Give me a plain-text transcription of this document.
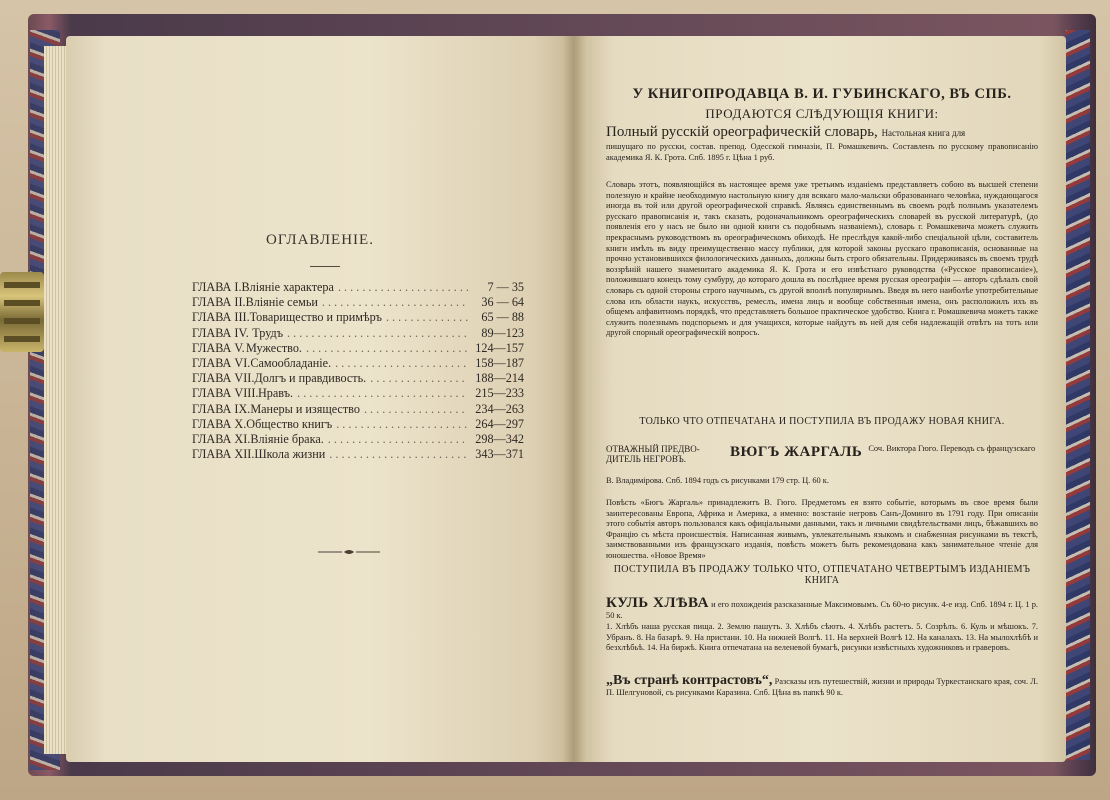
ОГЛАВЛЕНІЕ.
ГЛАВА I. Вліяніе характера . . .	7 — 35
ГЛАВА II. Вліяніе семьи . . .	36 — 64
ГЛАВА III. Товарищество и примѣръ . . .	65 — 88
ГЛАВА IV. Трудъ . . .	89—123
ГЛАВА V. Мужество. . . .	124—157
ГЛАВА VI. Самообладаніе. . . .	158—187
ГЛАВА VII. Долгъ и правдивость. . . .	188—214
ГЛАВА VIII. Нравъ. . . .	215—233
ГЛАВА IX. Манеры и изящество . . .	234—263
ГЛАВА X. Общество книгъ . . .	264—297
ГЛАВА XI. Вліяніе брака. . . .	298—342
ГЛАВА XII. Школа жизни . . .	343—371
У КНИГОПРОДАВЦА В. И. ГУБИНСКАГО, ВЪ СПБ.
ПРОДАЮТСЯ СЛѢДУЮЩІЯ КНИГИ:
Полный русскій ореографическій словарь, Настольная книга для
пишущаго по русски, состав. препод. Одесской гимназіи, П. Ромашкевичъ. Составленъ по русскому правописанію академика Я. К. Грота. Спб. 1895 г. Цѣна 1 руб.
Словарь этотъ, появляющійся въ настоящее время уже третьимъ изданіемъ представляетъ собою въ высшей степени полезную и крайне необходимую настольную книгу для всякаго мало-мальски образованнаго человѣка, нуждающагося иногда въ той или другой ореографической справкѣ. Являясь единственнымъ въ своемъ родѣ полнымъ указателемъ русскаго правописанія и, такъ сказать, родоначальникомъ ореографическихъ словарей въ русской литературѣ, (до появленія его у насъ не было ни одной книги съ подобнымъ названіемъ), словарь г. Ромашкевича можетъ служить прекраснымъ руководствомъ въ ореографическомъ обиходѣ. Не преслѣдуя какой-либо спеціальной цѣли, составитель книги имѣлъ въ виду преимущественно массу публики, для которой законы русскаго правописанія, основанные на прочно установившихся филологическихъ данныхъ, должны быть строго обязательны. Придерживаясь въ своемъ трудѣ воззрѣній нашего знаменитаго академика Я. К. Грота и его извѣстнаго руководства («Русское правописаніе»), положившаго конецъ тому сумбуру, до котораго дошла въ послѣднее время русская ореографія — авторъ сдѣлалъ свой словарь съ одной стороны строго научнымъ, съ другой вполнѣ популярнымъ. Введя въ него наиболѣе употребительные слова изъ области наукъ, искусствъ, ремеслъ, имена лицъ и вообще собственныя имена, онъ расположилъ ихъ въ общемъ алфавитномъ порядкѣ, что представляетъ большое практическое удобство. Книга г. Ромашкевича можетъ также служить полезнымъ подспорьемъ и для учащихся, которые найдутъ въ ней для себя надлежащій отвѣтъ на тотъ или другой спорный ореографическій вопросъ.
ТОЛЬКО ЧТО ОТПЕЧАТАНА И ПОСТУПИЛА ВЪ ПРОДАЖУ НОВАЯ КНИГА.
ОТВАЖНЫЙ ПРЕДВО-ДИТЕЛЬ НЕГРОВЪ.	ВЮГЪ ЖАРГАЛЬ Соч. Виктора Гюго. Переводъ съ французскаго
В. Владимірова. Спб. 1894 годъ съ рисунками 179 стр. Ц. 60 к.
Повѣсть «Бюгъ Жаргаль» принадлежитъ В. Гюго. Предметомъ ея взято событіе, которымъ въ свое время были заинтересованы Европа, Африка и Америка, а именно: возстаніе негровъ Санъ-Доминго въ 1791 году. При описаніи этого событія авторъ пользовался какъ офиціальными данными, такъ и личными свидѣтельствами лицъ, бѣжавшихъ во Францію съ мѣста происшествія. Написанная живымъ, увлекательнымъ языкомъ и снабженная рисунками въ текстѣ, заимствованными изъ французскаго изданія, повѣсть можетъ быть рекомендована какъ занимательное чтеніе для юношества. «Новое Время»
ПОСТУПИЛА ВЪ ПРОДАЖУ ТОЛЬКО ЧТО, ОТПЕЧАТАНО ЧЕТВЕРТЫМЪ ИЗДАНІЕМЪ КНИГА
КУЛЬ ХЛѢВА и его похожденія разсказанные Максимовымъ. Съ 60-ю рисунк. 4-е изд. Спб. 1894 г. Ц. 1 р. 50 к.
1. Хлѣбъ наша русская пища. 2. Землю пашутъ. 3. Хлѣбъ сѣютъ. 4. Хлѣбъ растетъ. 5. Созрѣлъ. 6. Куль и мѣшокъ. 7. Убранъ. 8. На базарѣ. 9. На пристани. 10. На нижней Волгѣ. 11. На верхней Волгѣ 12. На каналахъ. 13. На мылохлѣбѣ и безхлѣбьѣ. 14. На биржѣ. Книга отпечатана на веленевой бумагѣ, рисунки извѣстныхъ художниковъ и граверовъ.
„Въ странѣ контрастовъ“, Разсказы изъ путешествій, жизни и природы Туркестанскаго края, соч. Л. П. Шелгуновой, съ рисунками Каразина. Спб. Цѣна въ папкѣ 90 к.
